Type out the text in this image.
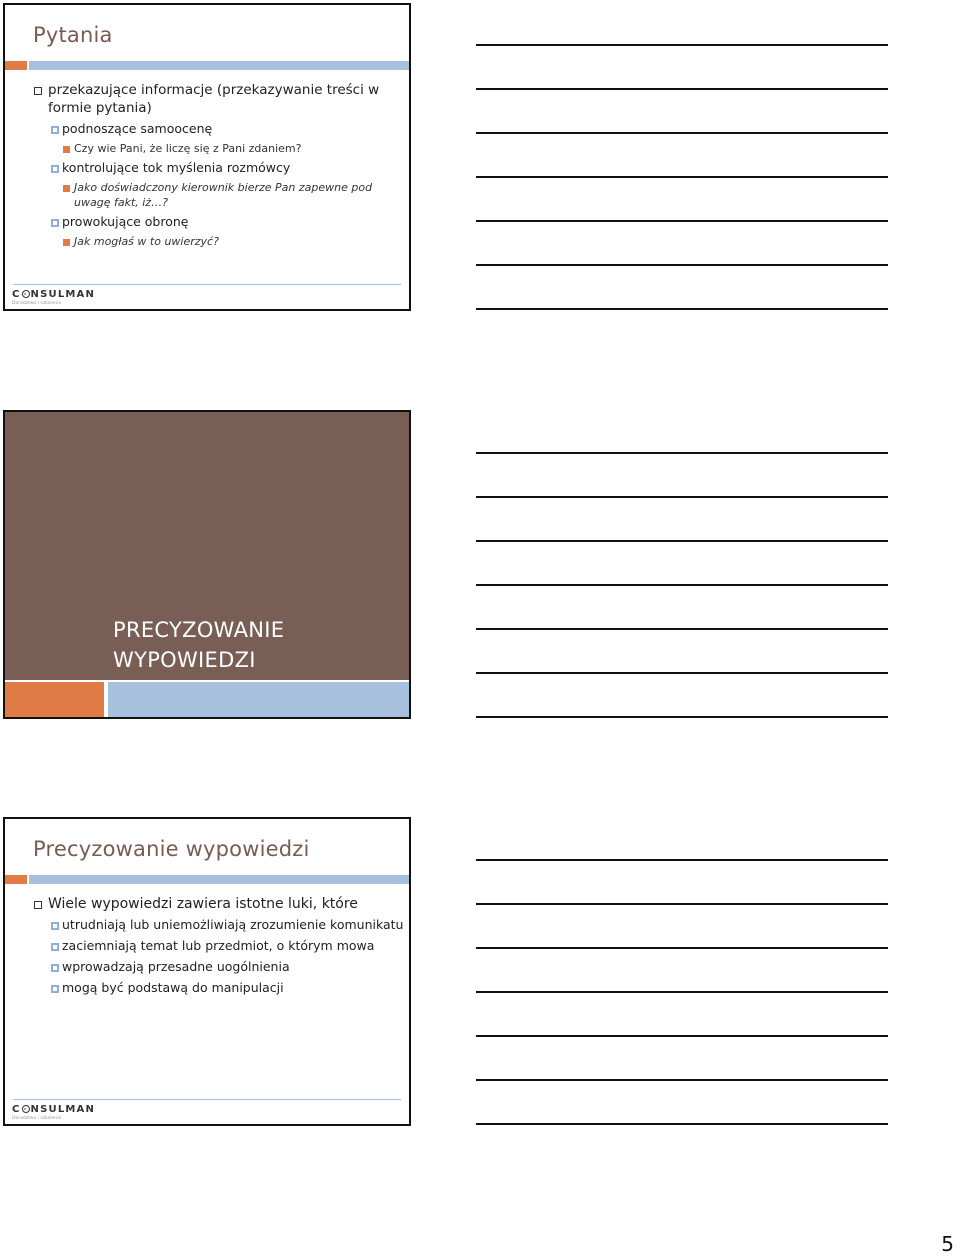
Pytania
przekazujące informacje (przekazywanie treści w formie pytania)
podnoszące samoocenę
Czy wie Pani, że liczę się z Pani zdaniem?
kontrolujące tok myślenia rozmówcy
Jako doświadczony kierownik bierze Pan zapewne pod uwagę fakt, iż…?
prowokujące obronę
Jak mogłaś w to uwierzyć?
C NSULMAN
Doradztwo i szkolenia
PRECYZOWANIE
WYPOWIEDZI
Precyzowanie wypowiedzi
Wiele wypowiedzi zawiera istotne luki, które
utrudniają lub uniemożliwiają zrozumienie komunikatu
zaciemniają temat lub przedmiot, o którym mowa
wprowadzają przesadne uogólnienia
mogą być podstawą do manipulacji
C NSULMAN
Doradztwo i szkolenia
5
